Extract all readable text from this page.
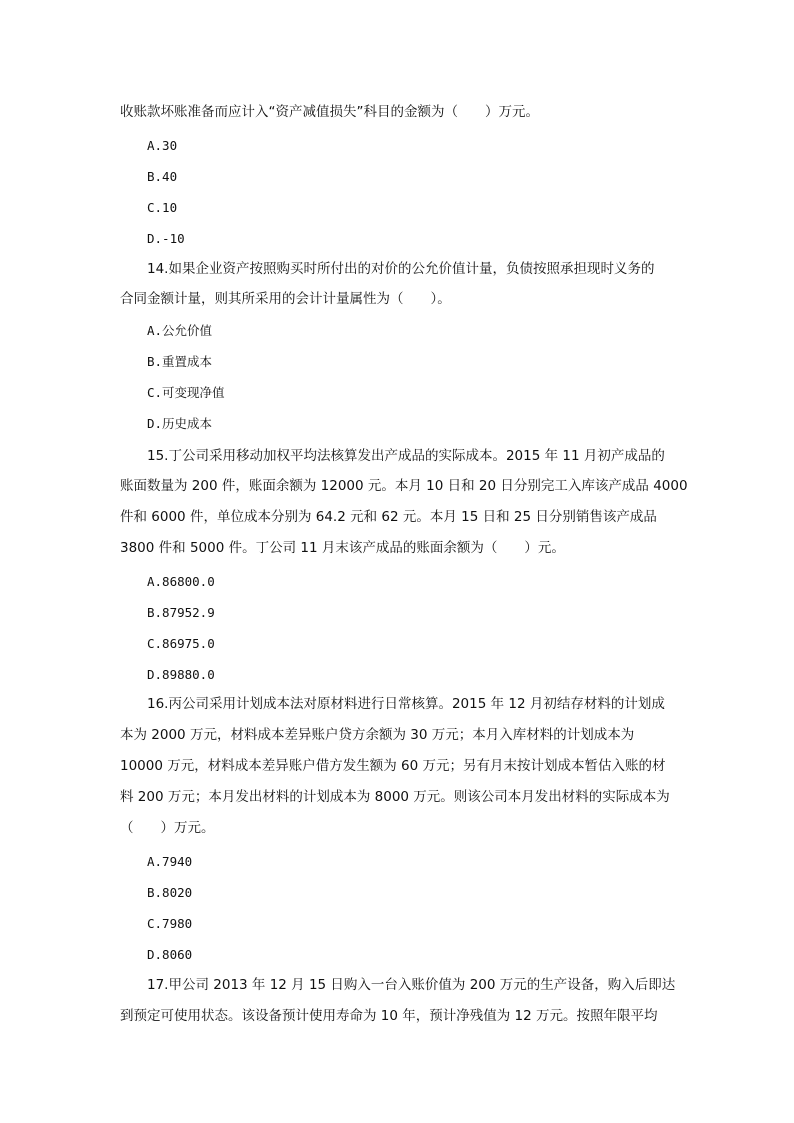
收账款坏账准备而应计入“资产减值损失”科目的金额为（　　）万元。
A.30
B.40
C.10
D.-10
14.如果企业资产按照购买时所付出的对价的公允价值计量，负债按照承担现时义务的
合同金额计量，则其所采用的会计计量属性为（　　）。
A.公允价值
B.重置成本
C.可变现净值
D.历史成本
15.丁公司采用移动加权平均法核算发出产成品的实际成本。2015 年 11 月初产成品的
账面数量为 200 件，账面余额为 12000 元。本月 10 日和 20 日分别完工入库该产成品 4000
件和 6000 件，单位成本分别为 64.2 元和 62 元。本月 15 日和 25 日分别销售该产成品
3800 件和 5000 件。丁公司 11 月末该产成品的账面余额为（　　）元。
A.86800.0
B.87952.9
C.86975.0
D.89880.0
16.丙公司采用计划成本法对原材料进行日常核算。2015 年 12 月初结存材料的计划成
本为 2000 万元，材料成本差异账户贷方余额为 30 万元；本月入库材料的计划成本为
10000 万元，材料成本差异账户借方发生额为 60 万元；另有月末按计划成本暂估入账的材
料 200 万元；本月发出材料的计划成本为 8000 万元。则该公司本月发出材料的实际成本为
（　　）万元。
A.7940
B.8020
C.7980
D.8060
17.甲公司 2013 年 12 月 15 日购入一台入账价值为 200 万元的生产设备，购入后即达
到预定可使用状态。该设备预计使用寿命为 10 年，预计净残值为 12 万元。按照年限平均
